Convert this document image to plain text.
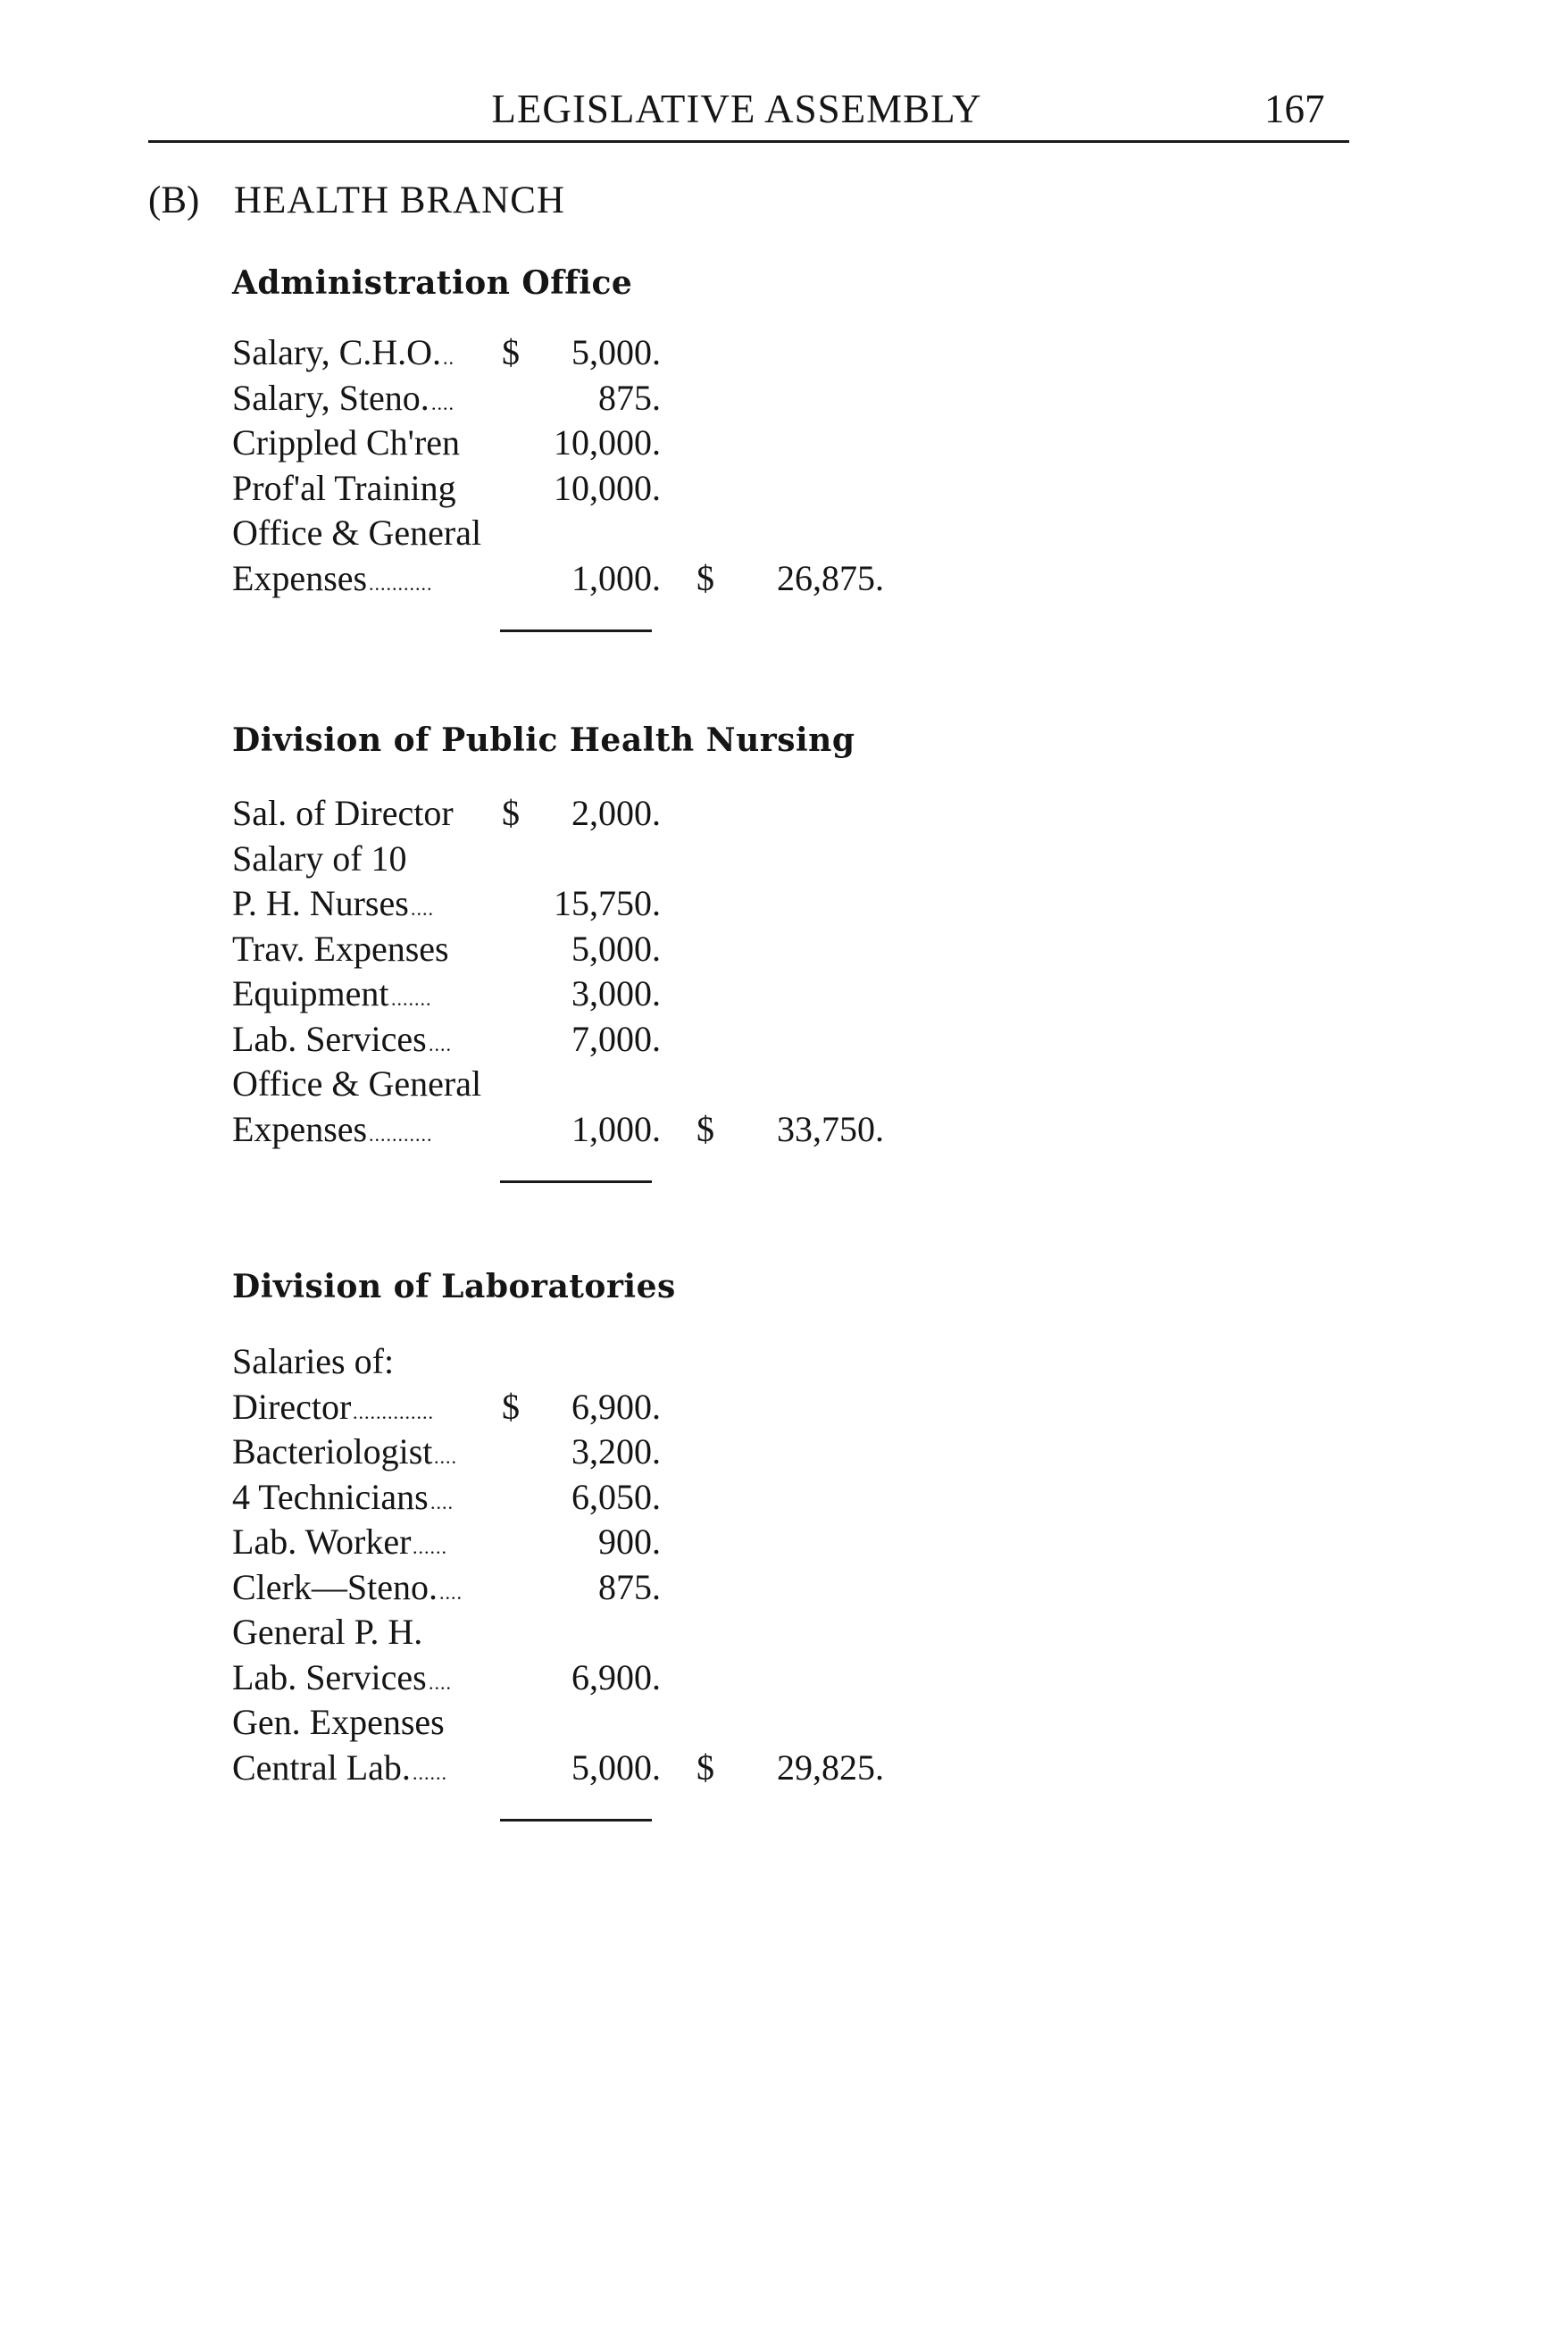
LEGISLATIVE ASSEMBLY	167
(B) HEALTH BRANCH
Administration Office
Salary, C.H.O. .. $	5,000.
Salary, Steno. ....	875.
Crippled Ch'ren	10,000.
Prof'al Training	10,000.
Office & General
Expenses ...........	1,000. $	26,875.
Division of Public Health Nursing
Sal. of Director $	2,000.
Salary of 10
P. H. Nurses ....	15,750.
Trav. Expenses	5,000.
Equipment .......	3,000.
Lab. Services ....	7,000.
Office & General
Expenses ...........	1,000. $	33,750.
Division of Laboratories
Salaries of:
Director .............. $	6,900.
Bacteriologist ....	3,200.
4 Technicians ....	6,050.
Lab. Worker ......	900.
Clerk—Steno. ....	875.
General P. H.
Lab. Services ....	6,900.
Gen. Expenses
Central Lab. ......	5,000. $	29,825.
